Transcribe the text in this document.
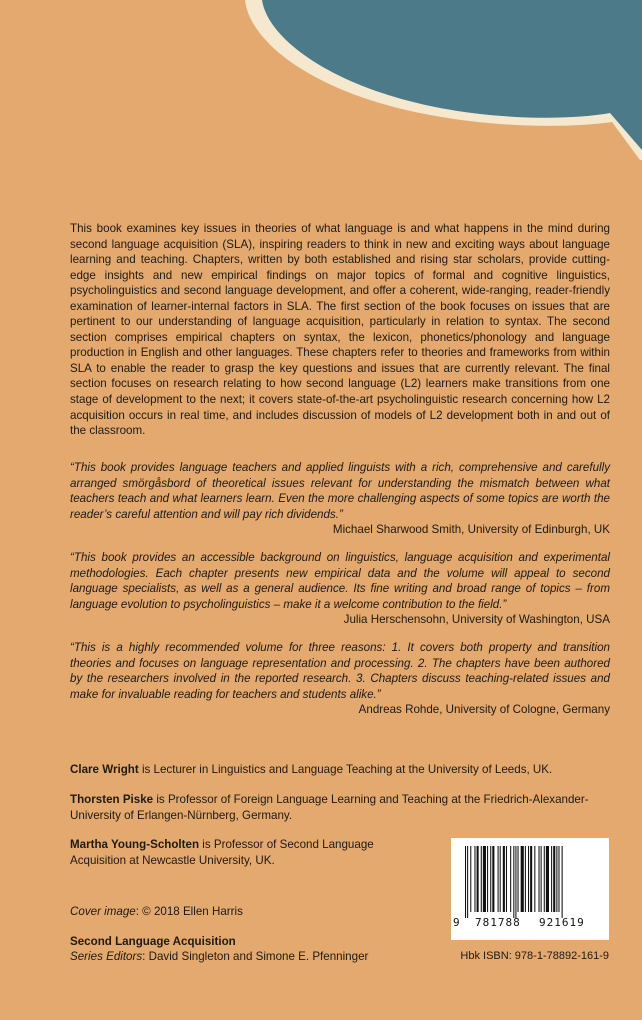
This book examines key issues in theories of what language is and what happens in the mind during second language acquisition (SLA), inspiring readers to think in new and exciting ways about language learning and teaching. Chapters, written by both established and rising star scholars, provide cutting-edge insights and new empirical findings on major topics of formal and cognitive linguistics, psycholinguistics and second language development, and offer a coherent, wide-ranging, reader-friendly examination of learner-internal factors in SLA. The first section of the book focuses on issues that are pertinent to our understanding of language acquisition, particularly in relation to syntax. The second section comprises empirical chapters on syntax, the lexicon, phonetics/phonology and language production in English and other languages. These chapters refer to theories and frameworks from within SLA to enable the reader to grasp the key questions and issues that are currently relevant. The final section focuses on research relating to how second language (L2) learners make transitions from one stage of development to the next; it covers state-of-the-art psycholinguistic research concerning how L2 acquisition occurs in real time, and includes discussion of models of L2 development both in and out of the classroom.
“This book provides language teachers and applied linguists with a rich, comprehensive and carefully arranged smörgåsbord of theoretical issues relevant for understanding the mismatch between what teachers teach and what learners learn. Even the more challenging aspects of some topics are worth the reader’s careful attention and will pay rich dividends.”
Michael Sharwood Smith, University of Edinburgh, UK
“This book provides an accessible background on linguistics, language acquisition and experimental methodologies. Each chapter presents new empirical data and the volume will appeal to second language specialists, as well as a general audience. Its fine writing and broad range of topics – from language evolution to psycholinguistics – make it a welcome contribution to the field.”
Julia Herschensohn, University of Washington, USA
“This is a highly recommended volume for three reasons: 1. It covers both property and transition theories and focuses on language representation and processing. 2. The chapters have been authored by the researchers involved in the reported research. 3. Chapters discuss teaching-related issues and make for invaluable reading for teachers and students alike.”
Andreas Rohde, University of Cologne, Germany
Clare Wright is Lecturer in Linguistics and Language Teaching at the University of Leeds, UK.
Thorsten Piske is Professor of Foreign Language Learning and Teaching at the Friedrich-Alexander-University of Erlangen-Nürnberg, Germany.
Martha Young-Scholten is Professor of Second Language Acquisition at Newcastle University, UK.
Cover image: © 2018 Ellen Harris
Second Language Acquisition
Series Editors: David Singleton and Simone E. Pfenninger
9 781788 921619
Hbk ISBN: 978-1-78892-161-9
